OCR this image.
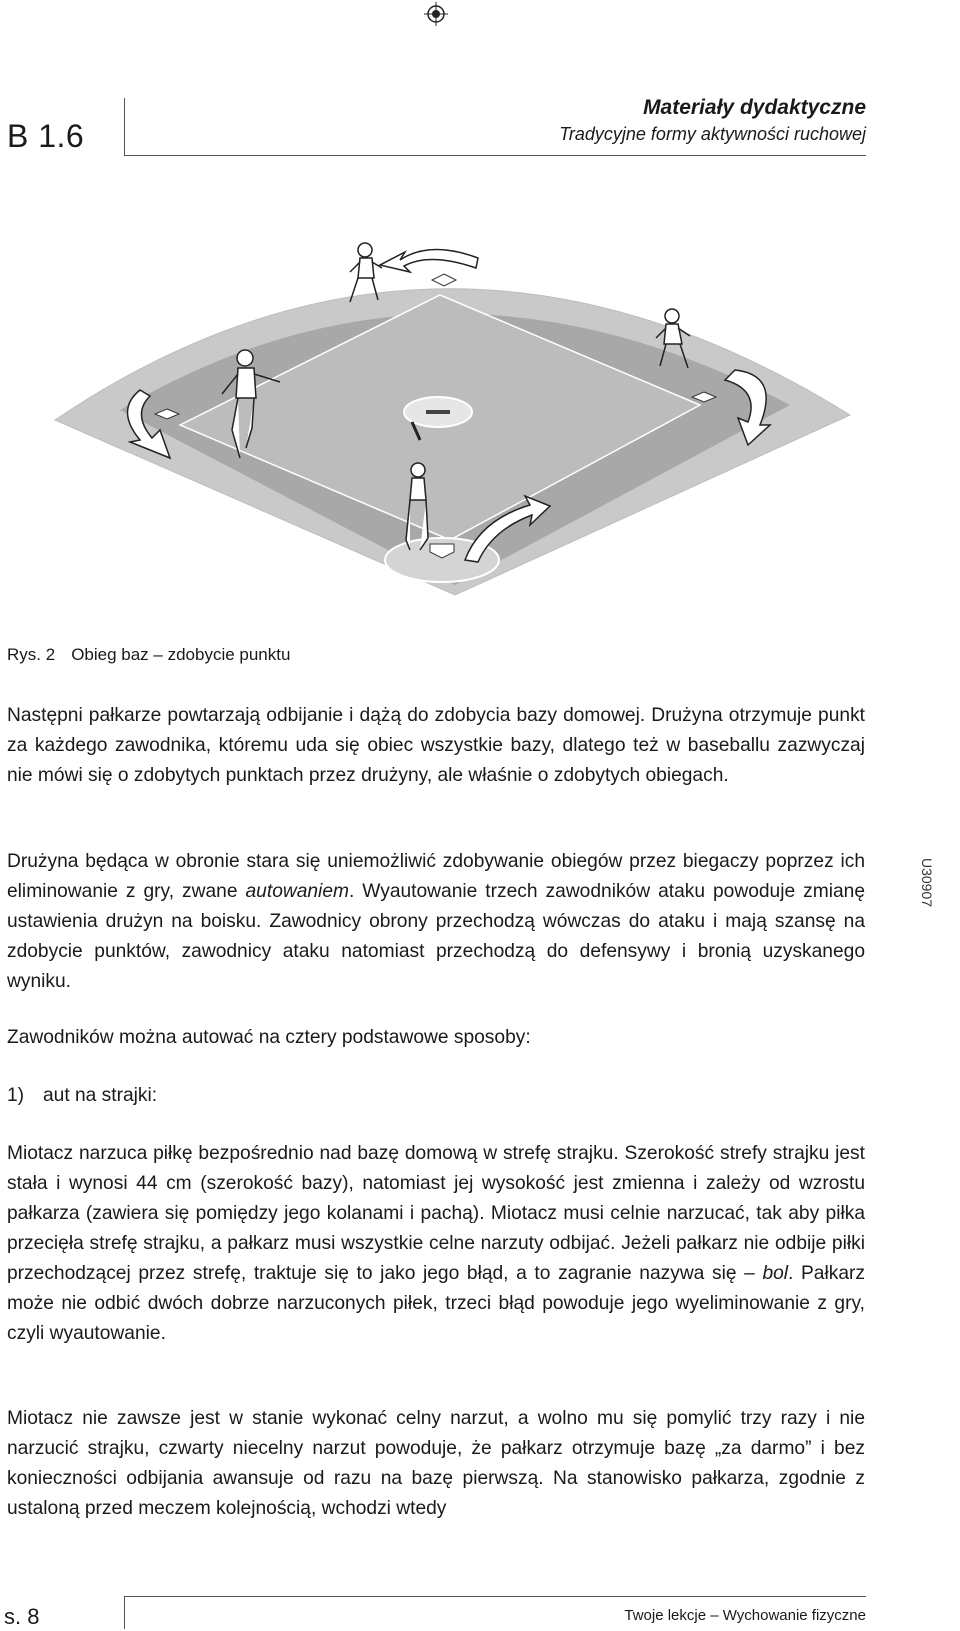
B 1.6
Materiały dydaktyczne
Tradycyjne formy aktywności ruchowej
Rys. 2 Obieg baz – zdobycie punktu
U30907
Następni pałkarze powtarzają odbijanie i dążą do zdobycia bazy domowej. Drużyna otrzymuje punkt za każdego zawodnika, któremu uda się obiec wszystkie bazy, dlatego też w baseballu zazwyczaj nie mówi się o zdobytych punktach przez drużyny, ale właśnie o zdobytych obiegach.
Drużyna będąca w obronie stara się uniemożliwić zdobywanie obiegów przez biegaczy poprzez ich eliminowanie z gry, zwane autowaniem. Wyautowanie trzech zawodników ataku powoduje zmianę ustawienia drużyn na boisku. Zawodnicy obrony przechodzą wówczas do ataku i mają szansę na zdobycie punktów, zawodnicy ataku natomiast przechodzą do defensywy i bronią uzyskanego wyniku.
Zawodników można autować na cztery podstawowe sposoby:
1) aut na strajki:
Miotacz narzuca piłkę bezpośrednio nad bazę domową w strefę strajku. Szerokość strefy strajku jest stała i wynosi 44 cm (szerokość bazy), natomiast jej wysokość jest zmienna i zależy od wzrostu pałkarza (zawiera się pomiędzy jego kolanami i pachą). Miotacz musi celnie narzucać, tak aby piłka przecięła strefę strajku, a pałkarz musi wszystkie celne narzuty odbijać. Jeżeli pałkarz nie odbije piłki przechodzącej przez strefę, traktuje się to jako jego błąd, a to zagranie nazywa się – bol. Pałkarz może nie odbić dwóch dobrze narzuconych piłek, trzeci błąd powoduje jego wyeliminowanie z gry, czyli wyautowanie.
Miotacz nie zawsze jest w stanie wykonać celny narzut, a wolno mu się pomylić trzy razy i nie narzucić strajku, czwarty niecelny narzut powoduje, że pałkarz otrzymuje bazę „za darmo” i bez konieczności odbijania awansuje od razu na bazę pierwszą. Na stanowisko pałkarza, zgodnie z ustaloną przed meczem kolejnością, wchodzi wtedy
s. 8	Twoje lekcje – Wychowanie fizyczne
